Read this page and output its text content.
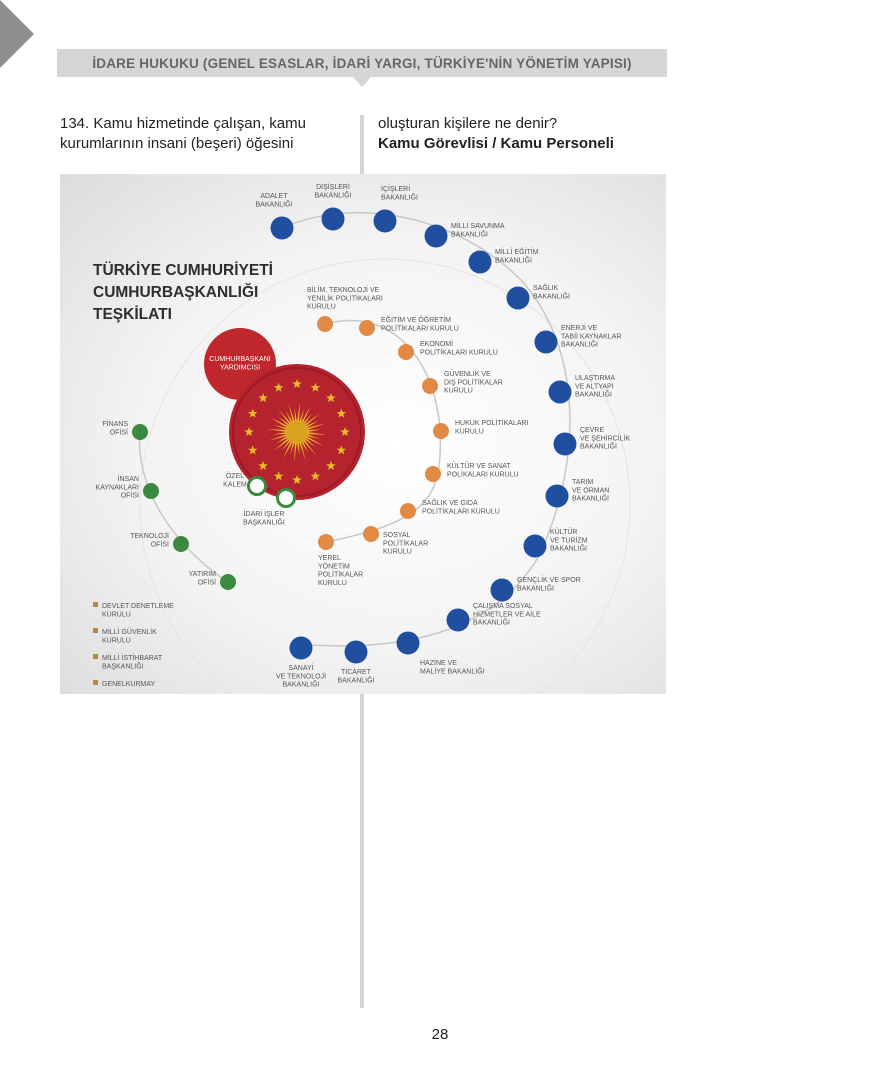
İDARE HUKUKU (GENEL ESASLAR, İDARİ YARGI, TÜRKİYE'NİN YÖNETİM YAPISI)
134. Kamu hizmetinde çalışan, kamu
kurumlarının insani (beşeri) öğesini
oluşturan kişilere ne denir?
Kamu Görevlisi / Kamu Personeli
TÜRKİYE CUMHURİYETİ
CUMHURBAŞKANLIĞI
TEŞKİLATI
CUMHURBAŞKANI YARDIMCISI
ADALET BAKANLIĞI
DIŞİŞLERİ BAKANLIĞI
İÇİŞLERİ BAKANLIĞI
MİLLİ SAVUNMA BAKANLIĞI
MİLLİ EĞİTİM BAKANLIĞI
SAĞLIK BAKANLIĞI
ENERJİ VE TABİİ KAYNAKLAR BAKANLIĞI
ULAŞTIRMA VE ALTYAPI BAKANLIĞI
ÇEVRE VE ŞEHİRCİLİK BAKANLIĞI
TARIM VE ORMAN BAKANLIĞI
KÜLTÜR VE TURİZM BAKANLIĞI
GENÇLİK VE SPOR BAKANLIĞI
ÇALIŞMA SOSYAL HİZMETLER VE AİLE BAKANLIĞI
HAZİNE VE MALİYE BAKANLIĞI
TİCARET BAKANLIĞI
SANAYİ VE TEKNOLOJİ BAKANLIĞI
BİLİM, TEKNOLOJİ VE YENİLİK POLİTİKALARI KURULU
EĞİTİM VE ÖĞRETİM POLİTİKALARI KURULU
EKONOMİ POLİTİKALARI KURULU
GÜVENLİK VE DIŞ POLİTİKALAR KURULU
HUKUK POLİTİKALARI KURULU
KÜLTÜR VE SANAT POLİKALARI KURULU
SAĞLIK VE GIDA POLİTİKALARI KURULU
SOSYAL POLİTİKALAR KURULU
YEREL YÖNETİM POLİTİKALAR KURULU
FİNANS OFİSİ
İNSAN KAYNAKLARI OFİSİ
TEKNOLOJİ OFİSİ
YATIRIM OFİSİ
ÖZEL KALEM
İDARİ İŞLER BAŞKANLIĞI
DEVLET DENETLEME KURULU
MİLLİ GÜVENLİK KURULU
MİLLİ İSTİHBARAT BAŞKANLIĞI
GENELKURMAY
28
